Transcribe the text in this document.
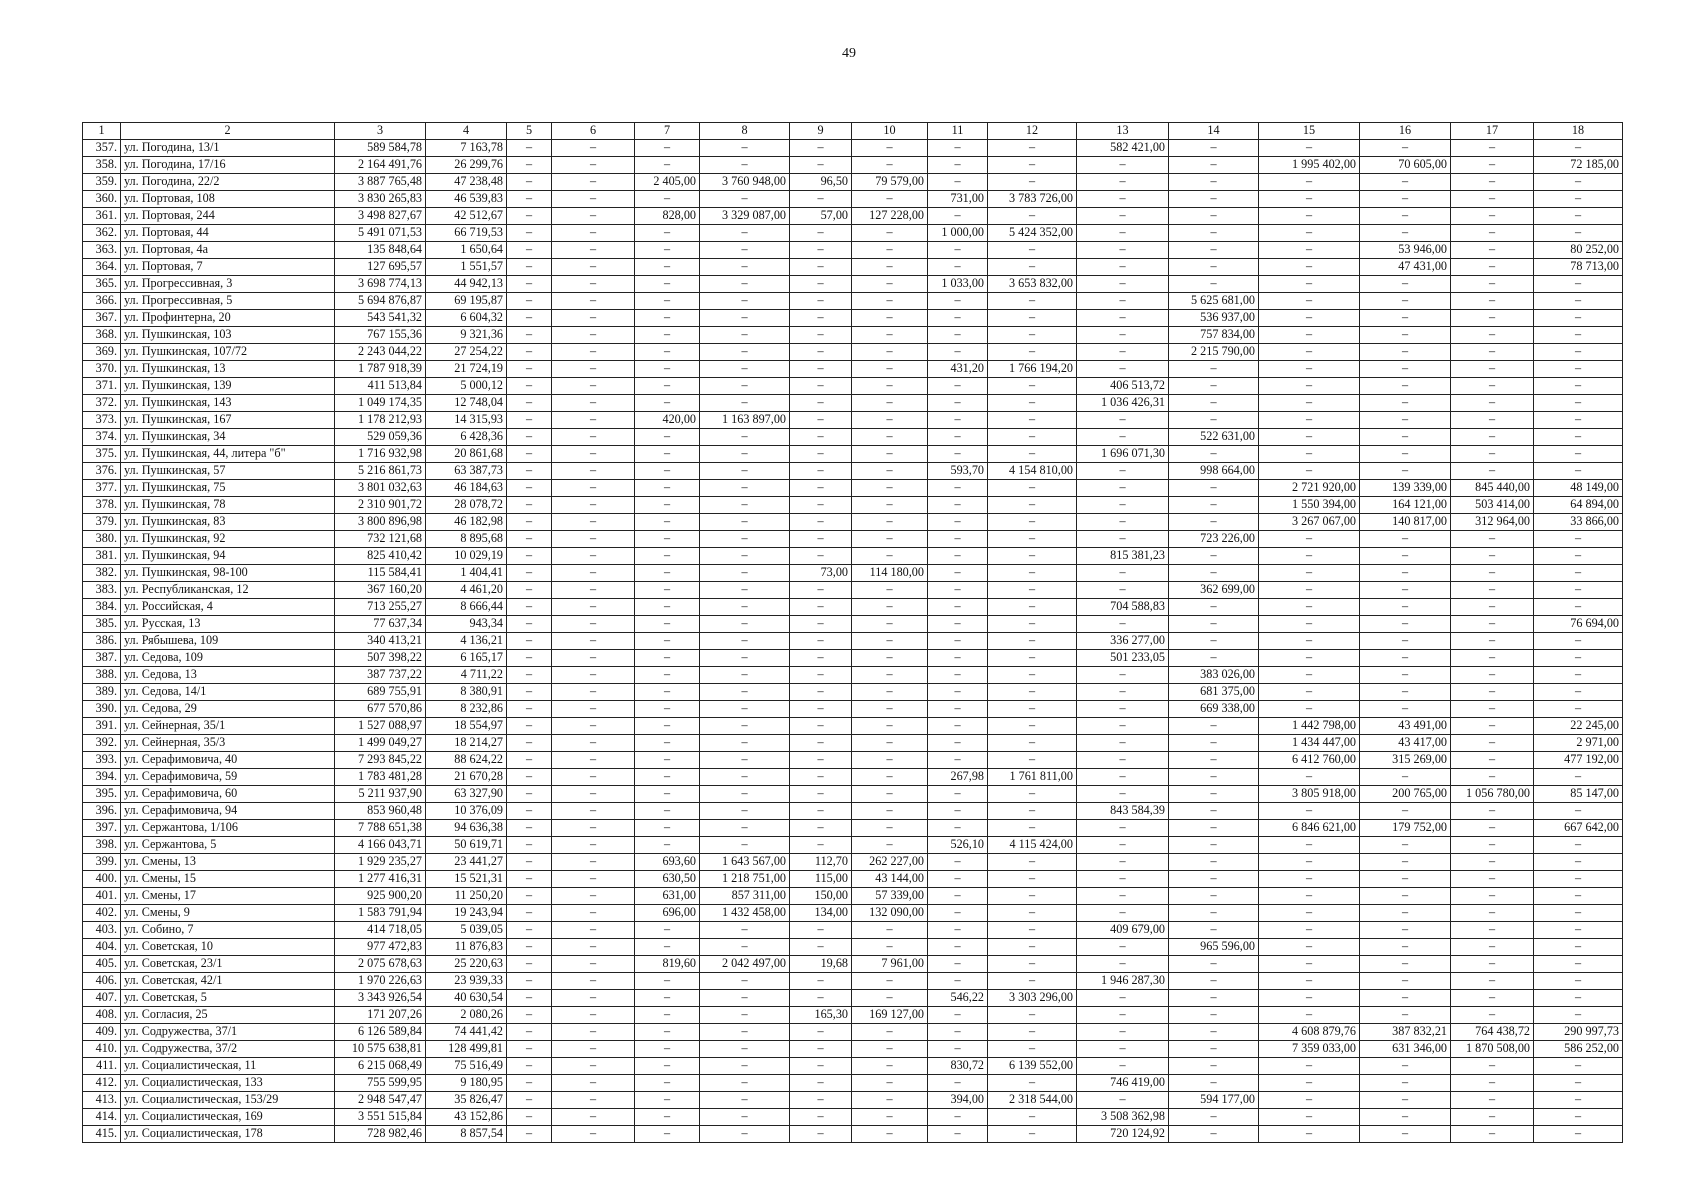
49
1	2	3	4	5	6	7	8	9	10	11	12	13	14	15	16	17	18
357.	ул. Погодина, 13/1	589 584,78	7 163,78	–	–	–	–	–	–	–	–	582 421,00	–	–	–	–	–
358.	ул. Погодина, 17/16	2 164 491,76	26 299,76	–	–	–	–	–	–	–	–	–	–	1 995 402,00	70 605,00	–	72 185,00
359.	ул. Погодина, 22/2	3 887 765,48	47 238,48	–	–	2 405,00	3 760 948,00	96,50	79 579,00	–	–	–	–	–	–	–	–
360.	ул. Портовая, 108	3 830 265,83	46 539,83	–	–	–	–	–	–	731,00	3 783 726,00	–	–	–	–	–	–
361.	ул. Портовая, 244	3 498 827,67	42 512,67	–	–	828,00	3 329 087,00	57,00	127 228,00	–	–	–	–	–	–	–	–
362.	ул. Портовая, 44	5 491 071,53	66 719,53	–	–	–	–	–	–	1 000,00	5 424 352,00	–	–	–	–	–	–
363.	ул. Портовая, 4а	135 848,64	1 650,64	–	–	–	–	–	–	–	–	–	–	–	53 946,00	–	80 252,00
364.	ул. Портовая, 7	127 695,57	1 551,57	–	–	–	–	–	–	–	–	–	–	–	47 431,00	–	78 713,00
365.	ул. Прогрессивная, 3	3 698 774,13	44 942,13	–	–	–	–	–	–	1 033,00	3 653 832,00	–	–	–	–	–	–
366.	ул. Прогрессивная, 5	5 694 876,87	69 195,87	–	–	–	–	–	–	–	–	–	5 625 681,00	–	–	–	–
367.	ул. Профинтерна, 20	543 541,32	6 604,32	–	–	–	–	–	–	–	–	–	536 937,00	–	–	–	–
368.	ул. Пушкинская, 103	767 155,36	9 321,36	–	–	–	–	–	–	–	–	–	757 834,00	–	–	–	–
369.	ул. Пушкинская, 107/72	2 243 044,22	27 254,22	–	–	–	–	–	–	–	–	–	2 215 790,00	–	–	–	–
370.	ул. Пушкинская, 13	1 787 918,39	21 724,19	–	–	–	–	–	–	431,20	1 766 194,20	–	–	–	–	–	–
371.	ул. Пушкинская, 139	411 513,84	5 000,12	–	–	–	–	–	–	–	–	406 513,72	–	–	–	–	–
372.	ул. Пушкинская, 143	1 049 174,35	12 748,04	–	–	–	–	–	–	–	–	1 036 426,31	–	–	–	–	–
373.	ул. Пушкинская, 167	1 178 212,93	14 315,93	–	–	420,00	1 163 897,00	–	–	–	–	–	–	–	–	–	–
374.	ул. Пушкинская, 34	529 059,36	6 428,36	–	–	–	–	–	–	–	–	–	522 631,00	–	–	–	–
375.	ул. Пушкинская, 44, литера "б"	1 716 932,98	20 861,68	–	–	–	–	–	–	–	–	1 696 071,30	–	–	–	–	–
376.	ул. Пушкинская, 57	5 216 861,73	63 387,73	–	–	–	–	–	–	593,70	4 154 810,00	–	998 664,00	–	–	–	–
377.	ул. Пушкинская, 75	3 801 032,63	46 184,63	–	–	–	–	–	–	–	–	–	–	2 721 920,00	139 339,00	845 440,00	48 149,00
378.	ул. Пушкинская, 78	2 310 901,72	28 078,72	–	–	–	–	–	–	–	–	–	–	1 550 394,00	164 121,00	503 414,00	64 894,00
379.	ул. Пушкинская, 83	3 800 896,98	46 182,98	–	–	–	–	–	–	–	–	–	–	3 267 067,00	140 817,00	312 964,00	33 866,00
380.	ул. Пушкинская, 92	732 121,68	8 895,68	–	–	–	–	–	–	–	–	–	723 226,00	–	–	–	–
381.	ул. Пушкинская, 94	825 410,42	10 029,19	–	–	–	–	–	–	–	–	815 381,23	–	–	–	–	–
382.	ул. Пушкинская, 98-100	115 584,41	1 404,41	–	–	–	–	73,00	114 180,00	–	–	–	–	–	–	–	–
383.	ул. Республиканская, 12	367 160,20	4 461,20	–	–	–	–	–	–	–	–	–	362 699,00	–	–	–	–
384.	ул. Российская, 4	713 255,27	8 666,44	–	–	–	–	–	–	–	–	704 588,83	–	–	–	–	–
385.	ул. Русская, 13	77 637,34	943,34	–	–	–	–	–	–	–	–	–	–	–	–	–	76 694,00
386.	ул. Рябышева, 109	340 413,21	4 136,21	–	–	–	–	–	–	–	–	336 277,00	–	–	–	–	–
387.	ул. Седова, 109	507 398,22	6 165,17	–	–	–	–	–	–	–	–	501 233,05	–	–	–	–	–
388.	ул. Седова, 13	387 737,22	4 711,22	–	–	–	–	–	–	–	–	–	383 026,00	–	–	–	–
389.	ул. Седова, 14/1	689 755,91	8 380,91	–	–	–	–	–	–	–	–	–	681 375,00	–	–	–	–
390.	ул. Седова, 29	677 570,86	8 232,86	–	–	–	–	–	–	–	–	–	669 338,00	–	–	–	–
391.	ул. Сейнерная, 35/1	1 527 088,97	18 554,97	–	–	–	–	–	–	–	–	–	–	1 442 798,00	43 491,00	–	22 245,00
392.	ул. Сейнерная, 35/3	1 499 049,27	18 214,27	–	–	–	–	–	–	–	–	–	–	1 434 447,00	43 417,00	–	2 971,00
393.	ул. Серафимовича, 40	7 293 845,22	88 624,22	–	–	–	–	–	–	–	–	–	–	6 412 760,00	315 269,00	–	477 192,00
394.	ул. Серафимовича, 59	1 783 481,28	21 670,28	–	–	–	–	–	–	267,98	1 761 811,00	–	–	–	–	–	–
395.	ул. Серафимовича, 60	5 211 937,90	63 327,90	–	–	–	–	–	–	–	–	–	–	3 805 918,00	200 765,00	1 056 780,00	85 147,00
396.	ул. Серафимовича, 94	853 960,48	10 376,09	–	–	–	–	–	–	–	–	843 584,39	–	–	–	–	–
397.	ул. Сержантова, 1/106	7 788 651,38	94 636,38	–	–	–	–	–	–	–	–	–	–	6 846 621,00	179 752,00	–	667 642,00
398.	ул. Сержантова, 5	4 166 043,71	50 619,71	–	–	–	–	–	–	526,10	4 115 424,00	–	–	–	–	–	–
399.	ул. Смены, 13	1 929 235,27	23 441,27	–	–	693,60	1 643 567,00	112,70	262 227,00	–	–	–	–	–	–	–	–
400.	ул. Смены, 15	1 277 416,31	15 521,31	–	–	630,50	1 218 751,00	115,00	43 144,00	–	–	–	–	–	–	–	–
401.	ул. Смены, 17	925 900,20	11 250,20	–	–	631,00	857 311,00	150,00	57 339,00	–	–	–	–	–	–	–	–
402.	ул. Смены, 9	1 583 791,94	19 243,94	–	–	696,00	1 432 458,00	134,00	132 090,00	–	–	–	–	–	–	–	–
403.	ул. Собино, 7	414 718,05	5 039,05	–	–	–	–	–	–	–	–	409 679,00	–	–	–	–	–
404.	ул. Советская, 10	977 472,83	11 876,83	–	–	–	–	–	–	–	–	–	965 596,00	–	–	–	–
405.	ул. Советская, 23/1	2 075 678,63	25 220,63	–	–	819,60	2 042 497,00	19,68	7 961,00	–	–	–	–	–	–	–	–
406.	ул. Советская, 42/1	1 970 226,63	23 939,33	–	–	–	–	–	–	–	–	1 946 287,30	–	–	–	–	–
407.	ул. Советская, 5	3 343 926,54	40 630,54	–	–	–	–	–	–	546,22	3 303 296,00	–	–	–	–	–	–
408.	ул. Согласия, 25	171 207,26	2 080,26	–	–	–	–	165,30	169 127,00	–	–	–	–	–	–	–	–
409.	ул. Содружества, 37/1	6 126 589,84	74 441,42	–	–	–	–	–	–	–	–	–	–	4 608 879,76	387 832,21	764 438,72	290 997,73
410.	ул. Содружества, 37/2	10 575 638,81	128 499,81	–	–	–	–	–	–	–	–	–	–	7 359 033,00	631 346,00	1 870 508,00	586 252,00
411.	ул. Социалистическая, 11	6 215 068,49	75 516,49	–	–	–	–	–	–	830,72	6 139 552,00	–	–	–	–	–	–
412.	ул. Социалистическая, 133	755 599,95	9 180,95	–	–	–	–	–	–	–	–	746 419,00	–	–	–	–	–
413.	ул. Социалистическая, 153/29	2 948 547,47	35 826,47	–	–	–	–	–	–	394,00	2 318 544,00	–	594 177,00	–	–	–	–
414.	ул. Социалистическая, 169	3 551 515,84	43 152,86	–	–	–	–	–	–	–	–	3 508 362,98	–	–	–	–	–
415.	ул. Социалистическая, 178	728 982,46	8 857,54	–	–	–	–	–	–	–	–	720 124,92	–	–	–	–	–
